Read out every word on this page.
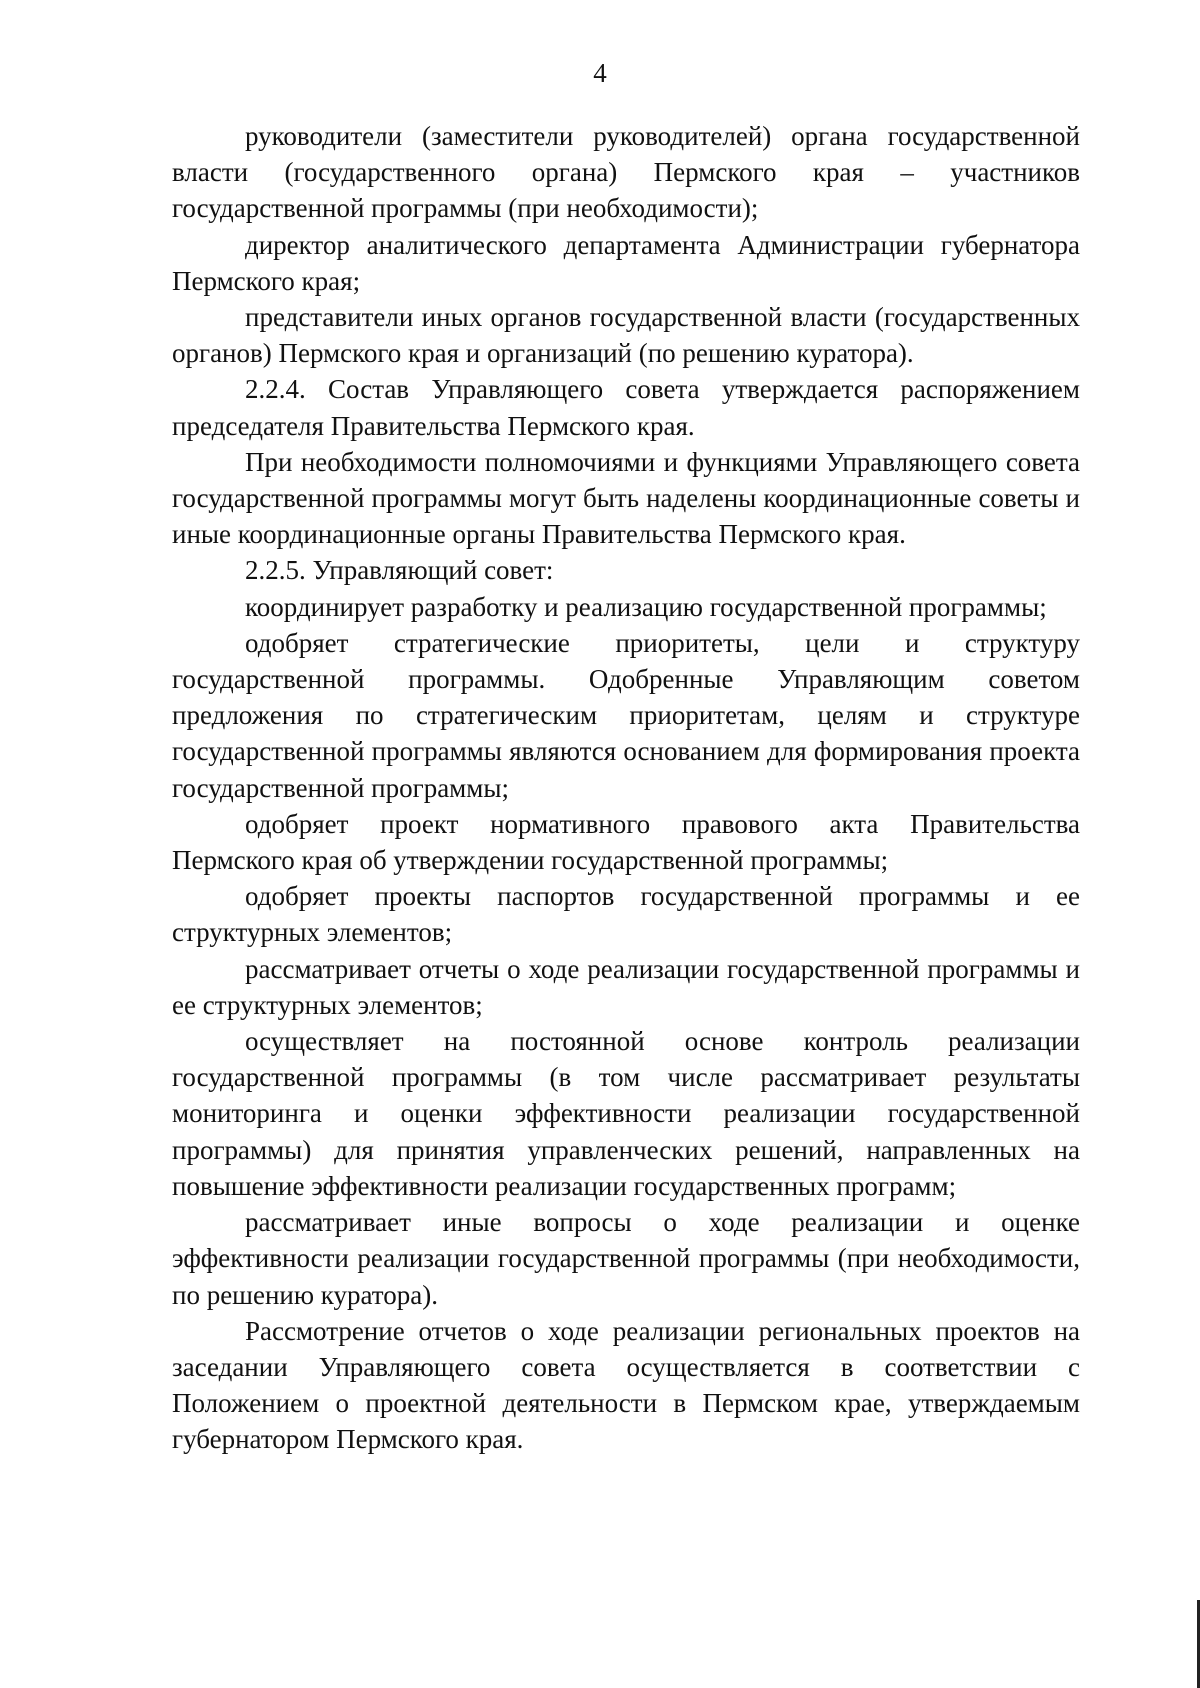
4

руководители (заместители руководителей) органа государственной власти (государственного органа) Пермского края – участников государственной программы (при необходимости);

директор аналитического департамента Администрации губернатора Пермского края;

представители иных органов государственной власти (государственных органов) Пермского края и организаций (по решению куратора).

2.2.4. Состав Управляющего совета утверждается распоряжением председателя Правительства Пермского края.

При необходимости полномочиями и функциями Управляющего совета государственной программы могут быть наделены координационные советы и иные координационные органы Правительства Пермского края.

2.2.5. Управляющий совет:

координирует разработку и реализацию государственной программы;

одобряет стратегические приоритеты, цели и структуру государственной программы. Одобренные Управляющим советом предложения по стратегическим приоритетам, целям и структуре государственной программы являются основанием для формирования проекта государственной программы;

одобряет проект нормативного правового акта Правительства Пермского края об утверждении государственной программы;

одобряет проекты паспортов государственной программы и ее структурных элементов;

рассматривает отчеты о ходе реализации государственной программы и ее структурных элементов;

осуществляет на постоянной основе контроль реализации государственной программы (в том числе рассматривает результаты мониторинга и оценки эффективности реализации государственной программы) для принятия управленческих решений, направленных на повышение эффективности реализации государственных программ;

рассматривает иные вопросы о ходе реализации и оценке эффективности реализации государственной программы (при необходимости, по решению куратора).

Рассмотрение отчетов о ходе реализации региональных проектов на заседании Управляющего совета осуществляется в соответствии с Положением о проектной деятельности в Пермском крае, утверждаемым губернатором Пермского края.
